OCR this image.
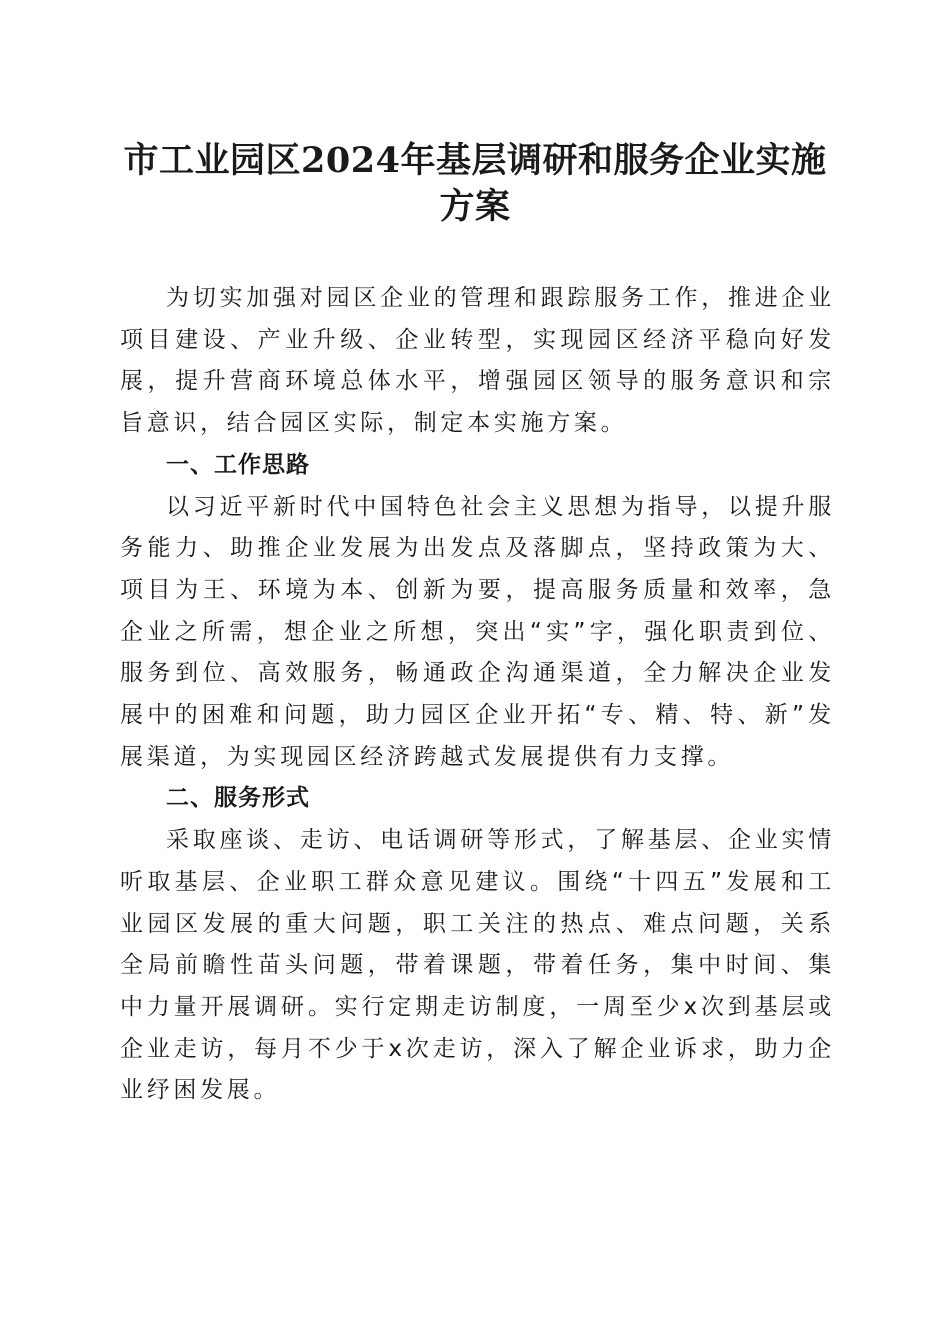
市工业园区2024年基层调研和服务企业实施
方案

为切实加强对园区企业的管理和跟踪服务工作，推进企业项目建设、产业升级、企业转型，实现园区经济平稳向好发展，提升营商环境总体水平，增强园区领导的服务意识和宗旨意识，结合园区实际，制定本实施方案。

一、工作思路

以习近平新时代中国特色社会主义思想为指导，以提升服务能力、助推企业发展为出发点及落脚点，坚持政策为大、项目为王、环境为本、创新为要，提高服务质量和效率，急企业之所需，想企业之所想，突出“实”字，强化职责到位、服务到位、高效服务，畅通政企沟通渠道，全力解决企业发展中的困难和问题，助力园区企业开拓“专、精、特、新”发展渠道，为实现园区经济跨越式发展提供有力支撑。

二、服务形式

采取座谈、走访、电话调研等形式，了解基层、企业实情听取基层、企业职工群众意见建议。围绕“十四五”发展和工业园区发展的重大问题，职工关注的热点、难点问题，关系全局前瞻性苗头问题，带着课题，带着任务，集中时间、集中力量开展调研。实行定期走访制度，一周至少x次到基层或企业走访，每月不少于x次走访，深入了解企业诉求，助力企业纾困发展。
